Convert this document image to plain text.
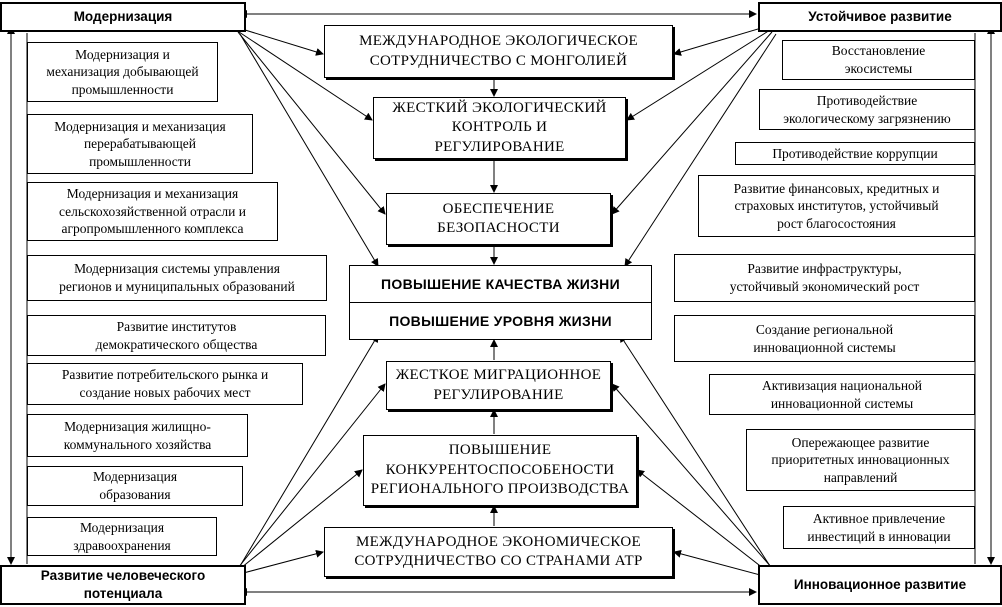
Модернизация	Устойчивое развитие
Развитие человеческого
потенциала
Инновационное развитие
МЕЖДУНАРОДНОЕ ЭКОЛОГИЧЕСКОЕ
СОТРУДНИЧЕСТВО С МОНГОЛИЕЙ
ЖЕСТКИЙ ЭКОЛОГИЧЕСКИЙ
КОНТРОЛЬ И
РЕГУЛИРОВАНИЕ
ОБЕСПЕЧЕНИЕ
БЕЗОПАСНОСТИ
ПОВЫШЕНИЕ КАЧЕСТВА ЖИЗНИ
ПОВЫШЕНИЕ УРОВНЯ ЖИЗНИ
ЖЕСТКОЕ МИГРАЦИОННОЕ
РЕГУЛИРОВАНИЕ
ПОВЫШЕНИЕ
КОНКУРЕНТОСПОСОБЕНОСТИ
РЕГИОНАЛЬНОГО ПРОИЗВОДСТВА
МЕЖДУНАРОДНОЕ ЭКОНОМИЧЕСКОЕ
СОТРУДНИЧЕСТВО СО СТРАНАМИ АТР
Модернизация и
механизация добывающей
промышленности
Модернизация и механизация
перерабатывающей
промышленности
Модернизация и механизация
сельскохозяйственной отрасли и
агропромышленного комплекса
Модернизация системы управления
регионов и муниципальных образований
Развитие институтов
демократического общества
Развитие потребительского рынка и
создание новых рабочих мест
Модернизация жилищно-
коммунального хозяйства
Модернизация
образования
Модернизация
здравоохранения
Восстановление
экосистемы
Противодействие
экологическому загрязнению
Противодействие коррупции
Развитие финансовых, кредитных и
страховых институтов, устойчивый
рост благосостояния
Развитие инфраструктуры,
устойчивый экономический рост
Создание региональной
инновационной системы
Активизация национальной
инновационной системы
Опережающее развитие
приоритетных инновационных
направлений
Активное привлечение
инвестиций в инновации
